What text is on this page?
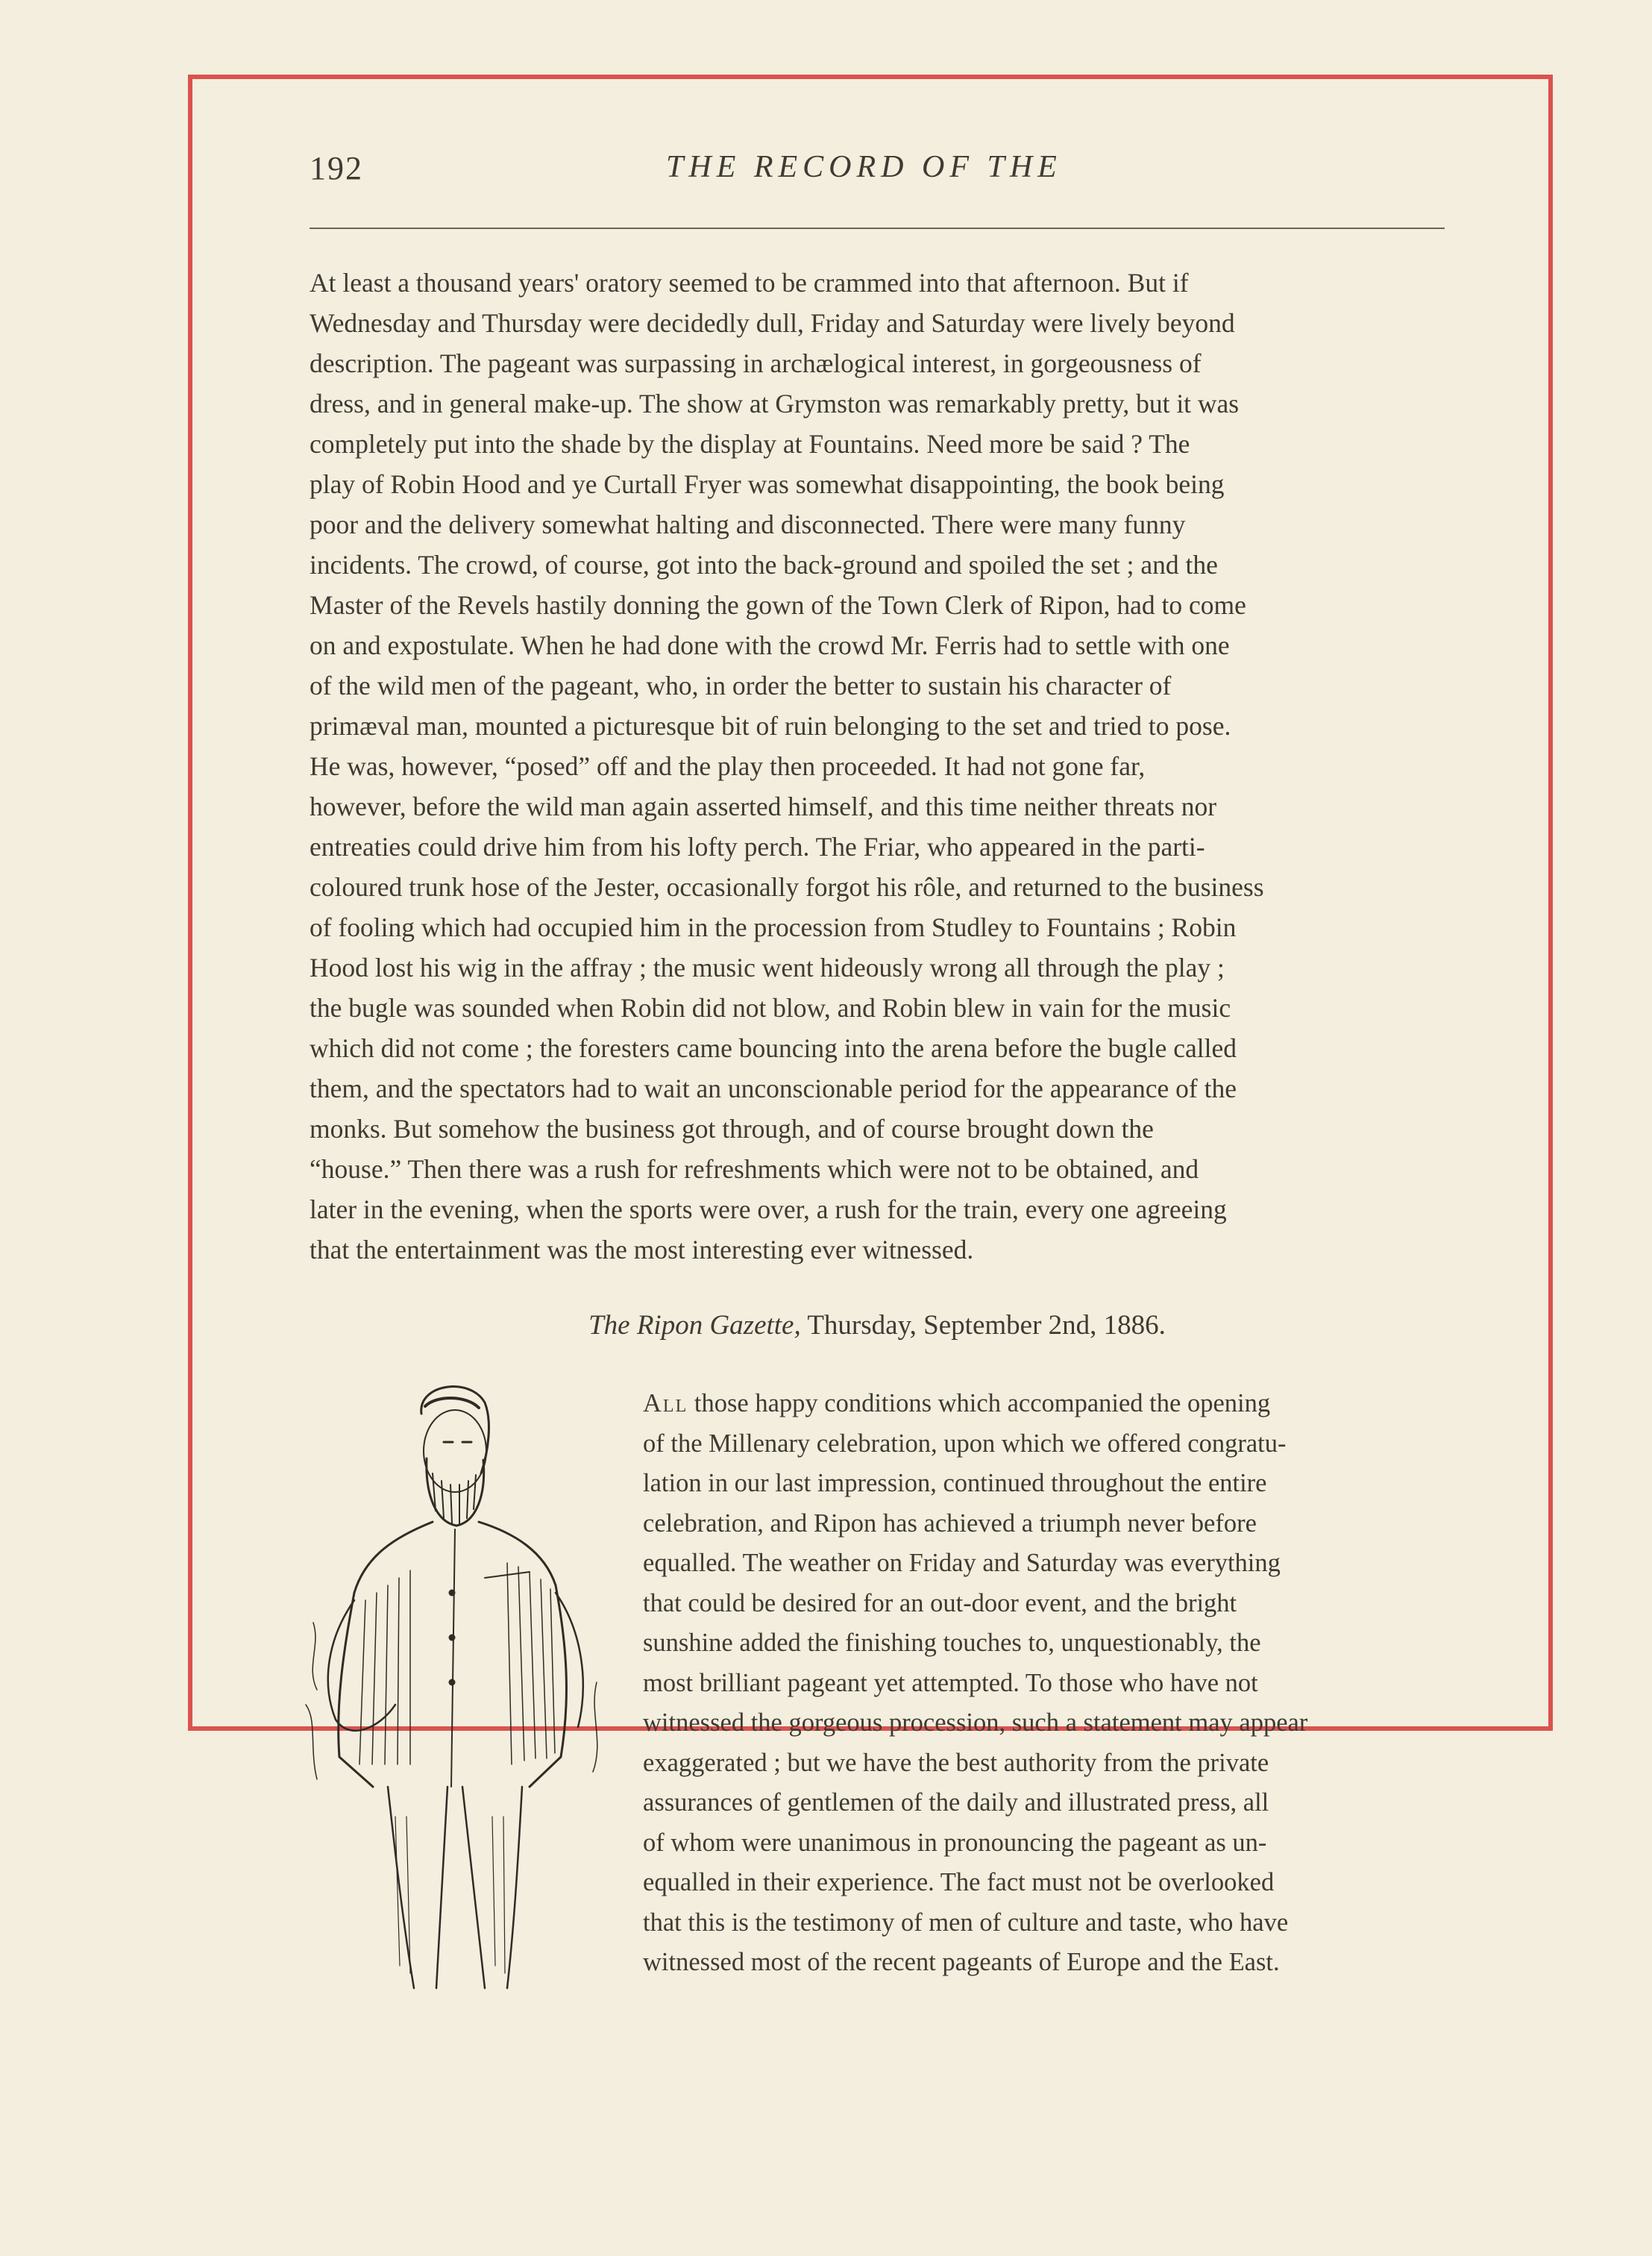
192	THE RECORD OF THE

At least a thousand years' oratory seemed to be crammed into that afternoon. But if
Wednesday and Thursday were decidedly dull, Friday and Saturday were lively beyond
description. The pageant was surpassing in archælogical interest, in gorgeousness of
dress, and in general make-up. The show at Grymston was remarkably pretty, but it was
completely put into the shade by the display at Fountains. Need more be said ? The
play of Robin Hood and ye Curtall Fryer was somewhat disappointing, the book being
poor and the delivery somewhat halting and disconnected. There were many funny
incidents. The crowd, of course, got into the back-ground and spoiled the set ; and the
Master of the Revels hastily donning the gown of the Town Clerk of Ripon, had to come
on and expostulate. When he had done with the crowd Mr. Ferris had to settle with one
of the wild men of the pageant, who, in order the better to sustain his character of
primæval man, mounted a picturesque bit of ruin belonging to the set and tried to pose.
He was, however, “posed” off and the play then proceeded. It had not gone far,
however, before the wild man again asserted himself, and this time neither threats nor
entreaties could drive him from his lofty perch. The Friar, who appeared in the parti-
coloured trunk hose of the Jester, occasionally forgot his rôle, and returned to the business
of fooling which had occupied him in the procession from Studley to Fountains ; Robin
Hood lost his wig in the affray ; the music went hideously wrong all through the play ;
the bugle was sounded when Robin did not blow, and Robin blew in vain for the music
which did not come ; the foresters came bouncing into the arena before the bugle called
them, and the spectators had to wait an unconscionable period for the appearance of the
monks. But somehow the business got through, and of course brought down the
“house.” Then there was a rush for refreshments which were not to be obtained, and
later in the evening, when the sports were over, a rush for the train, every one agreeing
that the entertainment was the most interesting ever witnessed.

The Ripon Gazette, Thursday, September 2nd, 1886.

All those happy conditions which accompanied the opening
of the Millenary celebration, upon which we offered congratu-
lation in our last impression, continued throughout the entire
celebration, and Ripon has achieved a triumph never before
equalled. The weather on Friday and Saturday was everything
that could be desired for an out-door event, and the bright
sunshine added the finishing touches to, unquestionably, the
most brilliant pageant yet attempted. To those who have not
witnessed the gorgeous procession, such a statement may appear
exaggerated ; but we have the best authority from the private
assurances of gentlemen of the daily and illustrated press, all
of whom were unanimous in pronouncing the pageant as un-
equalled in their experience. The fact must not be overlooked
that this is the testimony of men of culture and taste, who have
witnessed most of the recent pageants of Europe and the East.
